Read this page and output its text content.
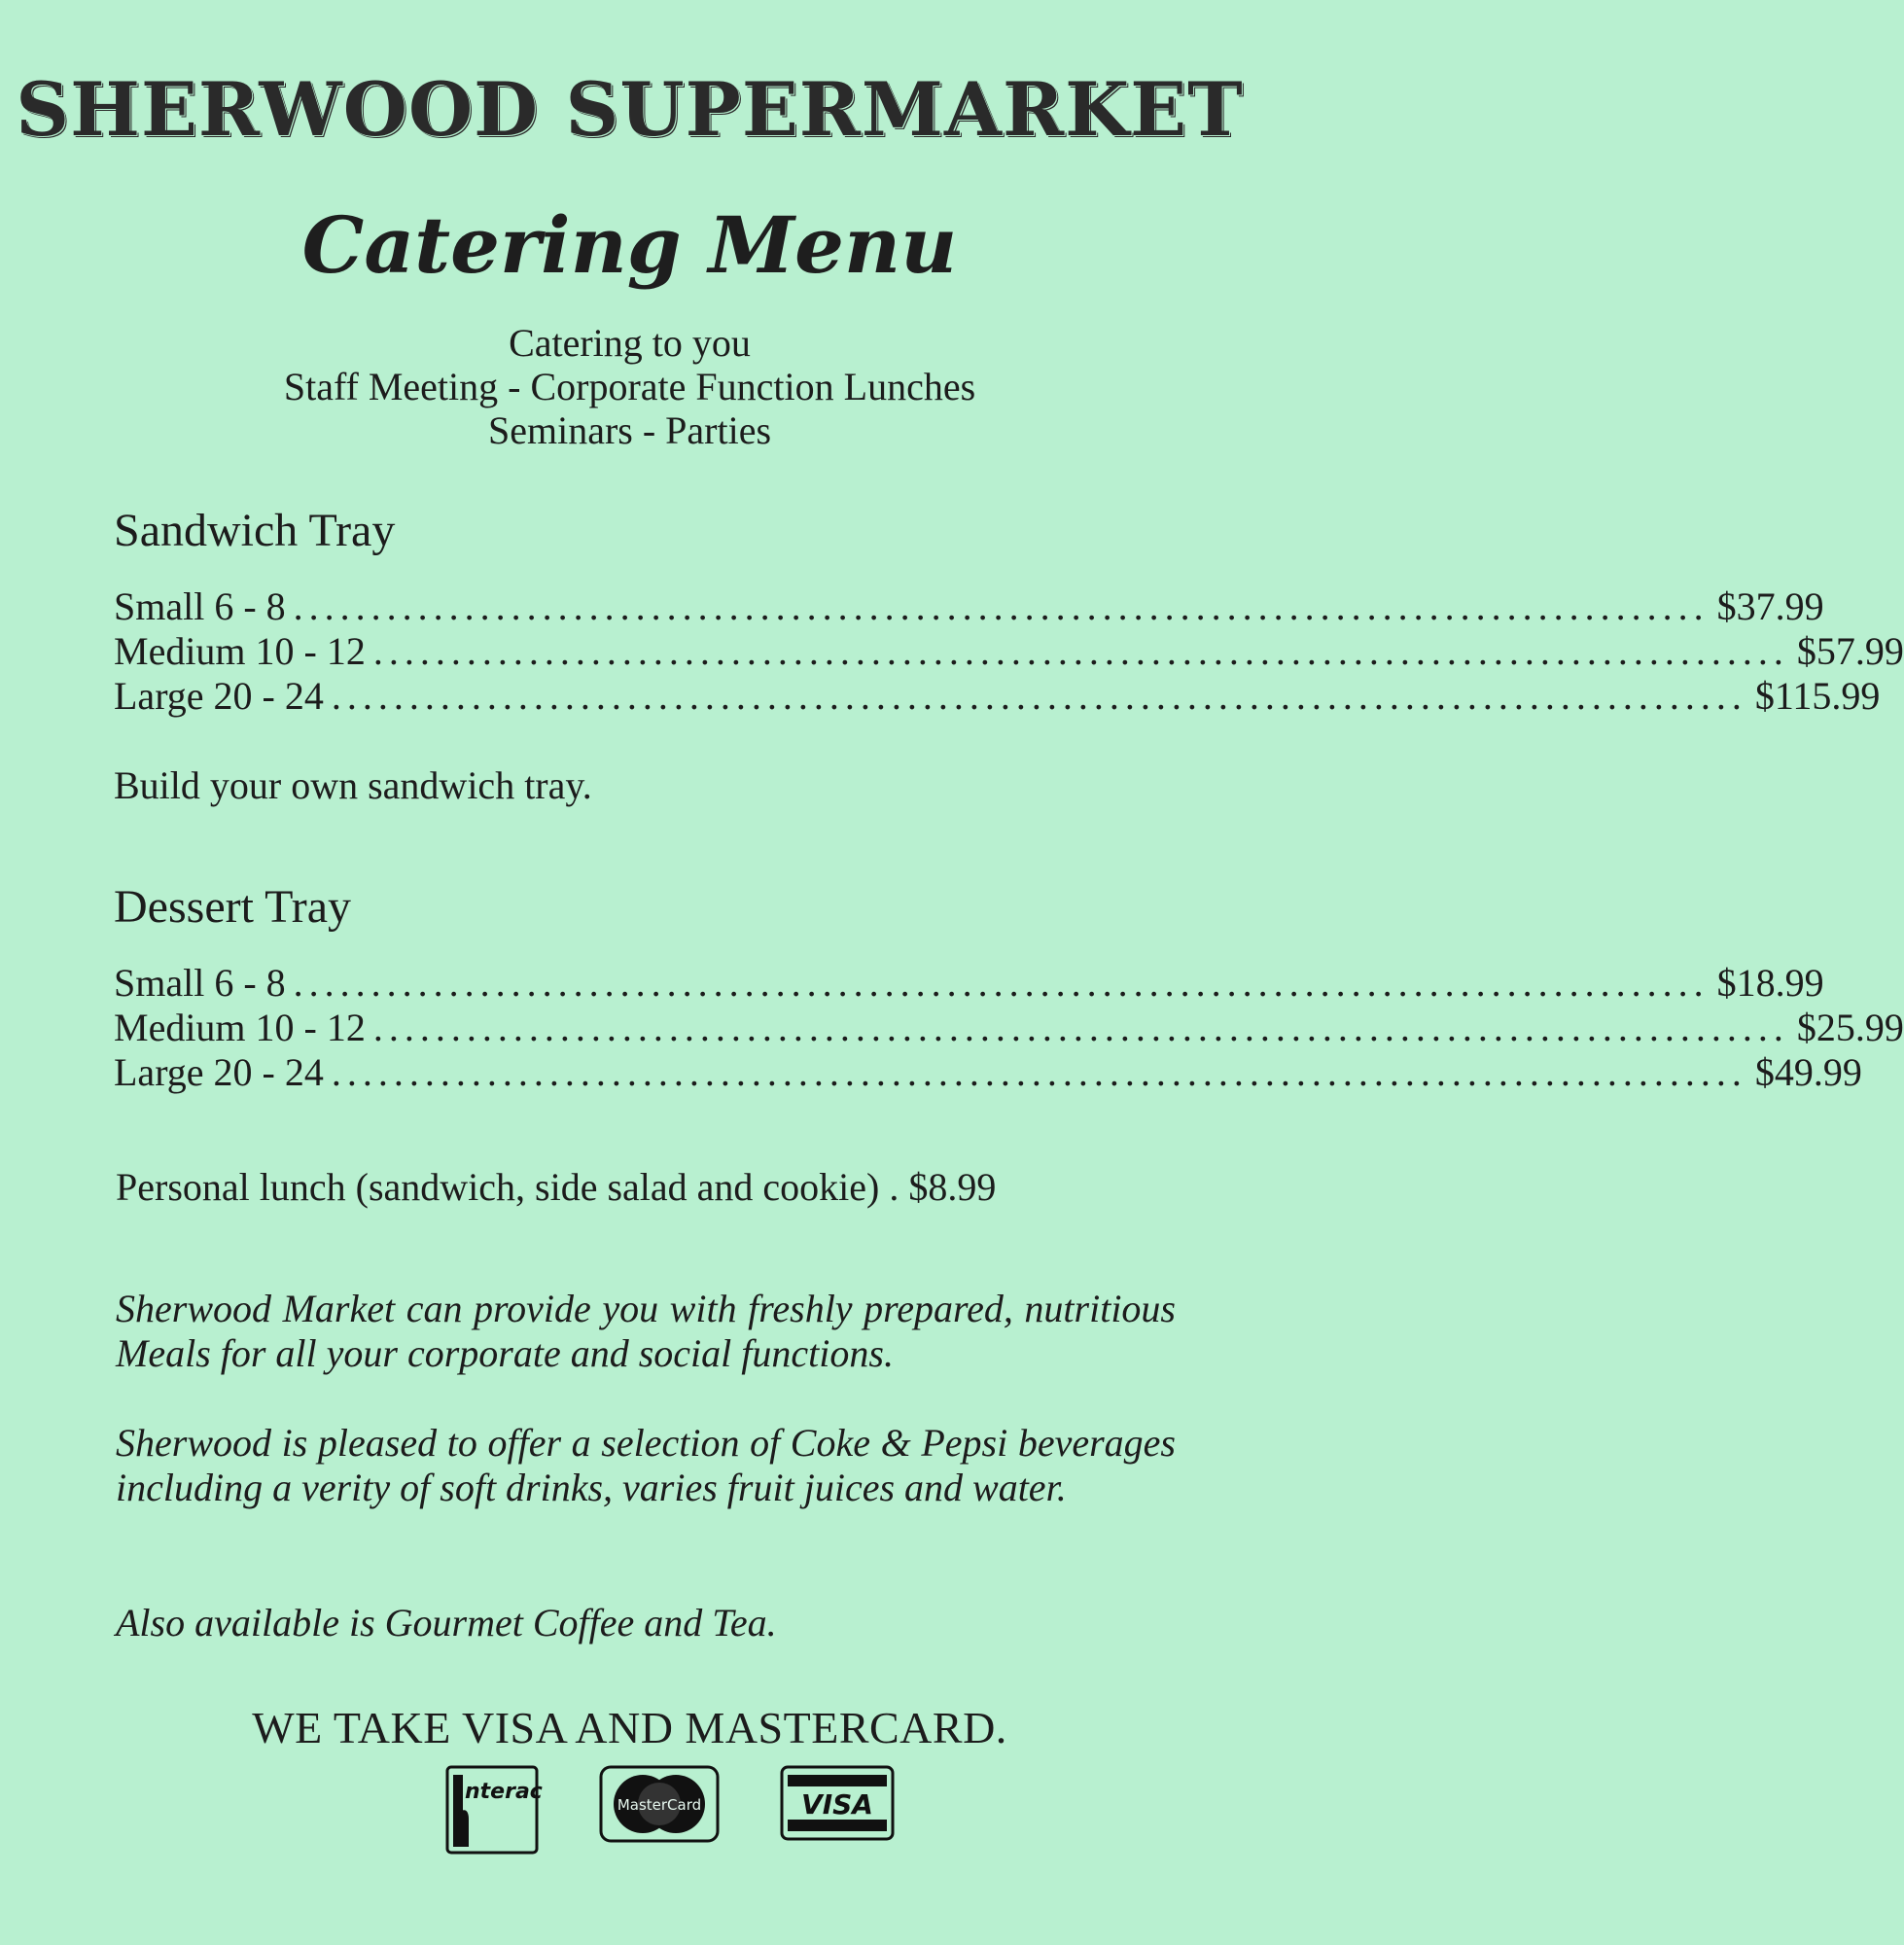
SHERWOOD SUPERMARKET
Catering Menu
Catering to you
Staff Meeting - Corporate Function Lunches
Seminars - Parties
Sandwich Tray
Small 6 - 8 ........................................................................................... $37.99
Medium 10 - 12 ........................................................................................... $57.99
Large 20 - 24 ........................................................................................... $115.99
Build your own sandwich tray.
Dessert Tray
Small 6 - 8 ........................................................................................... $18.99
Medium 10 - 12 ........................................................................................... $25.99
Large 20 - 24 ........................................................................................... $49.99
Personal lunch (sandwich, side salad and cookie) . $8.99
Sherwood Market can provide you with freshly prepared, nutritious Meals for all your corporate and social functions.
Sherwood is pleased to offer a selection of Coke & Pepsi beverages including a verity of soft drinks, varies fruit juices and water.
Also available is Gourmet Coffee and Tea.
WE TAKE VISA AND MASTERCARD.
nterac
MasterCard	VISA
